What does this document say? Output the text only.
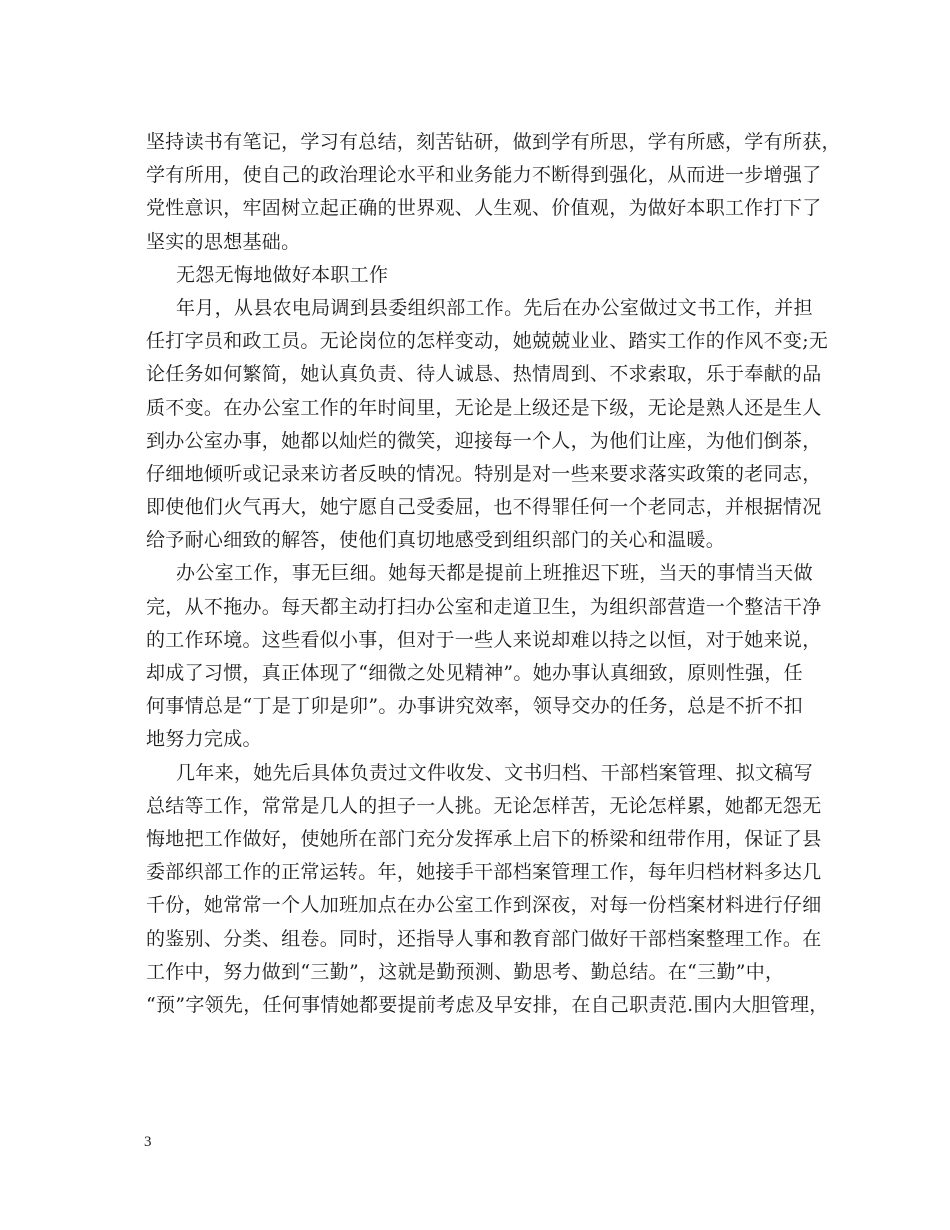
坚持读书有笔记，学习有总结，刻苦钻研，做到学有所思，学有所感，学有所获，
学有所用，使自己的政治理论水平和业务能力不断得到强化，从而进一步增强了
党性意识，牢固树立起正确的世界观、人生观、价值观，为做好本职工作打下了
坚实的思想基础。
无怨无悔地做好本职工作
年月，从县农电局调到县委组织部工作。先后在办公室做过文书工作，并担
任打字员和政工员。无论岗位的怎样变动，她兢兢业业、踏实工作的作风不变;无
论任务如何繁简，她认真负责、待人诚恳、热情周到、不求索取，乐于奉献的品
质不变。在办公室工作的年时间里，无论是上级还是下级，无论是熟人还是生人
到办公室办事，她都以灿烂的微笑，迎接每一个人，为他们让座，为他们倒茶，
仔细地倾听或记录来访者反映的情况。特别是对一些来要求落实政策的老同志，
即使他们火气再大，她宁愿自己受委屈，也不得罪任何一个老同志，并根据情况
给予耐心细致的解答，使他们真切地感受到组织部门的关心和温暖。
办公室工作，事无巨细。她每天都是提前上班推迟下班，当天的事情当天做
完，从不拖办。每天都主动打扫办公室和走道卫生，为组织部营造一个整洁干净
的工作环境。这些看似小事，但对于一些人来说却难以持之以恒，对于她来说，
却成了习惯，真正体现了“细微之处见精神”。她办事认真细致，原则性强，任
何事情总是“丁是丁卯是卯”。办事讲究效率，领导交办的任务，总是不折不扣
地努力完成。
几年来，她先后具体负责过文件收发、文书归档、干部档案管理、拟文稿写
总结等工作，常常是几人的担子一人挑。无论怎样苦，无论怎样累，她都无怨无
悔地把工作做好，使她所在部门充分发挥承上启下的桥梁和纽带作用，保证了县
委部织部工作的正常运转。年，她接手干部档案管理工作，每年归档材料多达几
千份，她常常一个人加班加点在办公室工作到深夜，对每一份档案材料进行仔细
的鉴别、分类、组卷。同时，还指导人事和教育部门做好干部档案整理工作。在
工作中，努力做到“三勤”，这就是勤预测、勤思考、勤总结。在“三勤”中，
“预”字领先，任何事情她都要提前考虑及早安排，在自己职责范.围内大胆管理，
3
